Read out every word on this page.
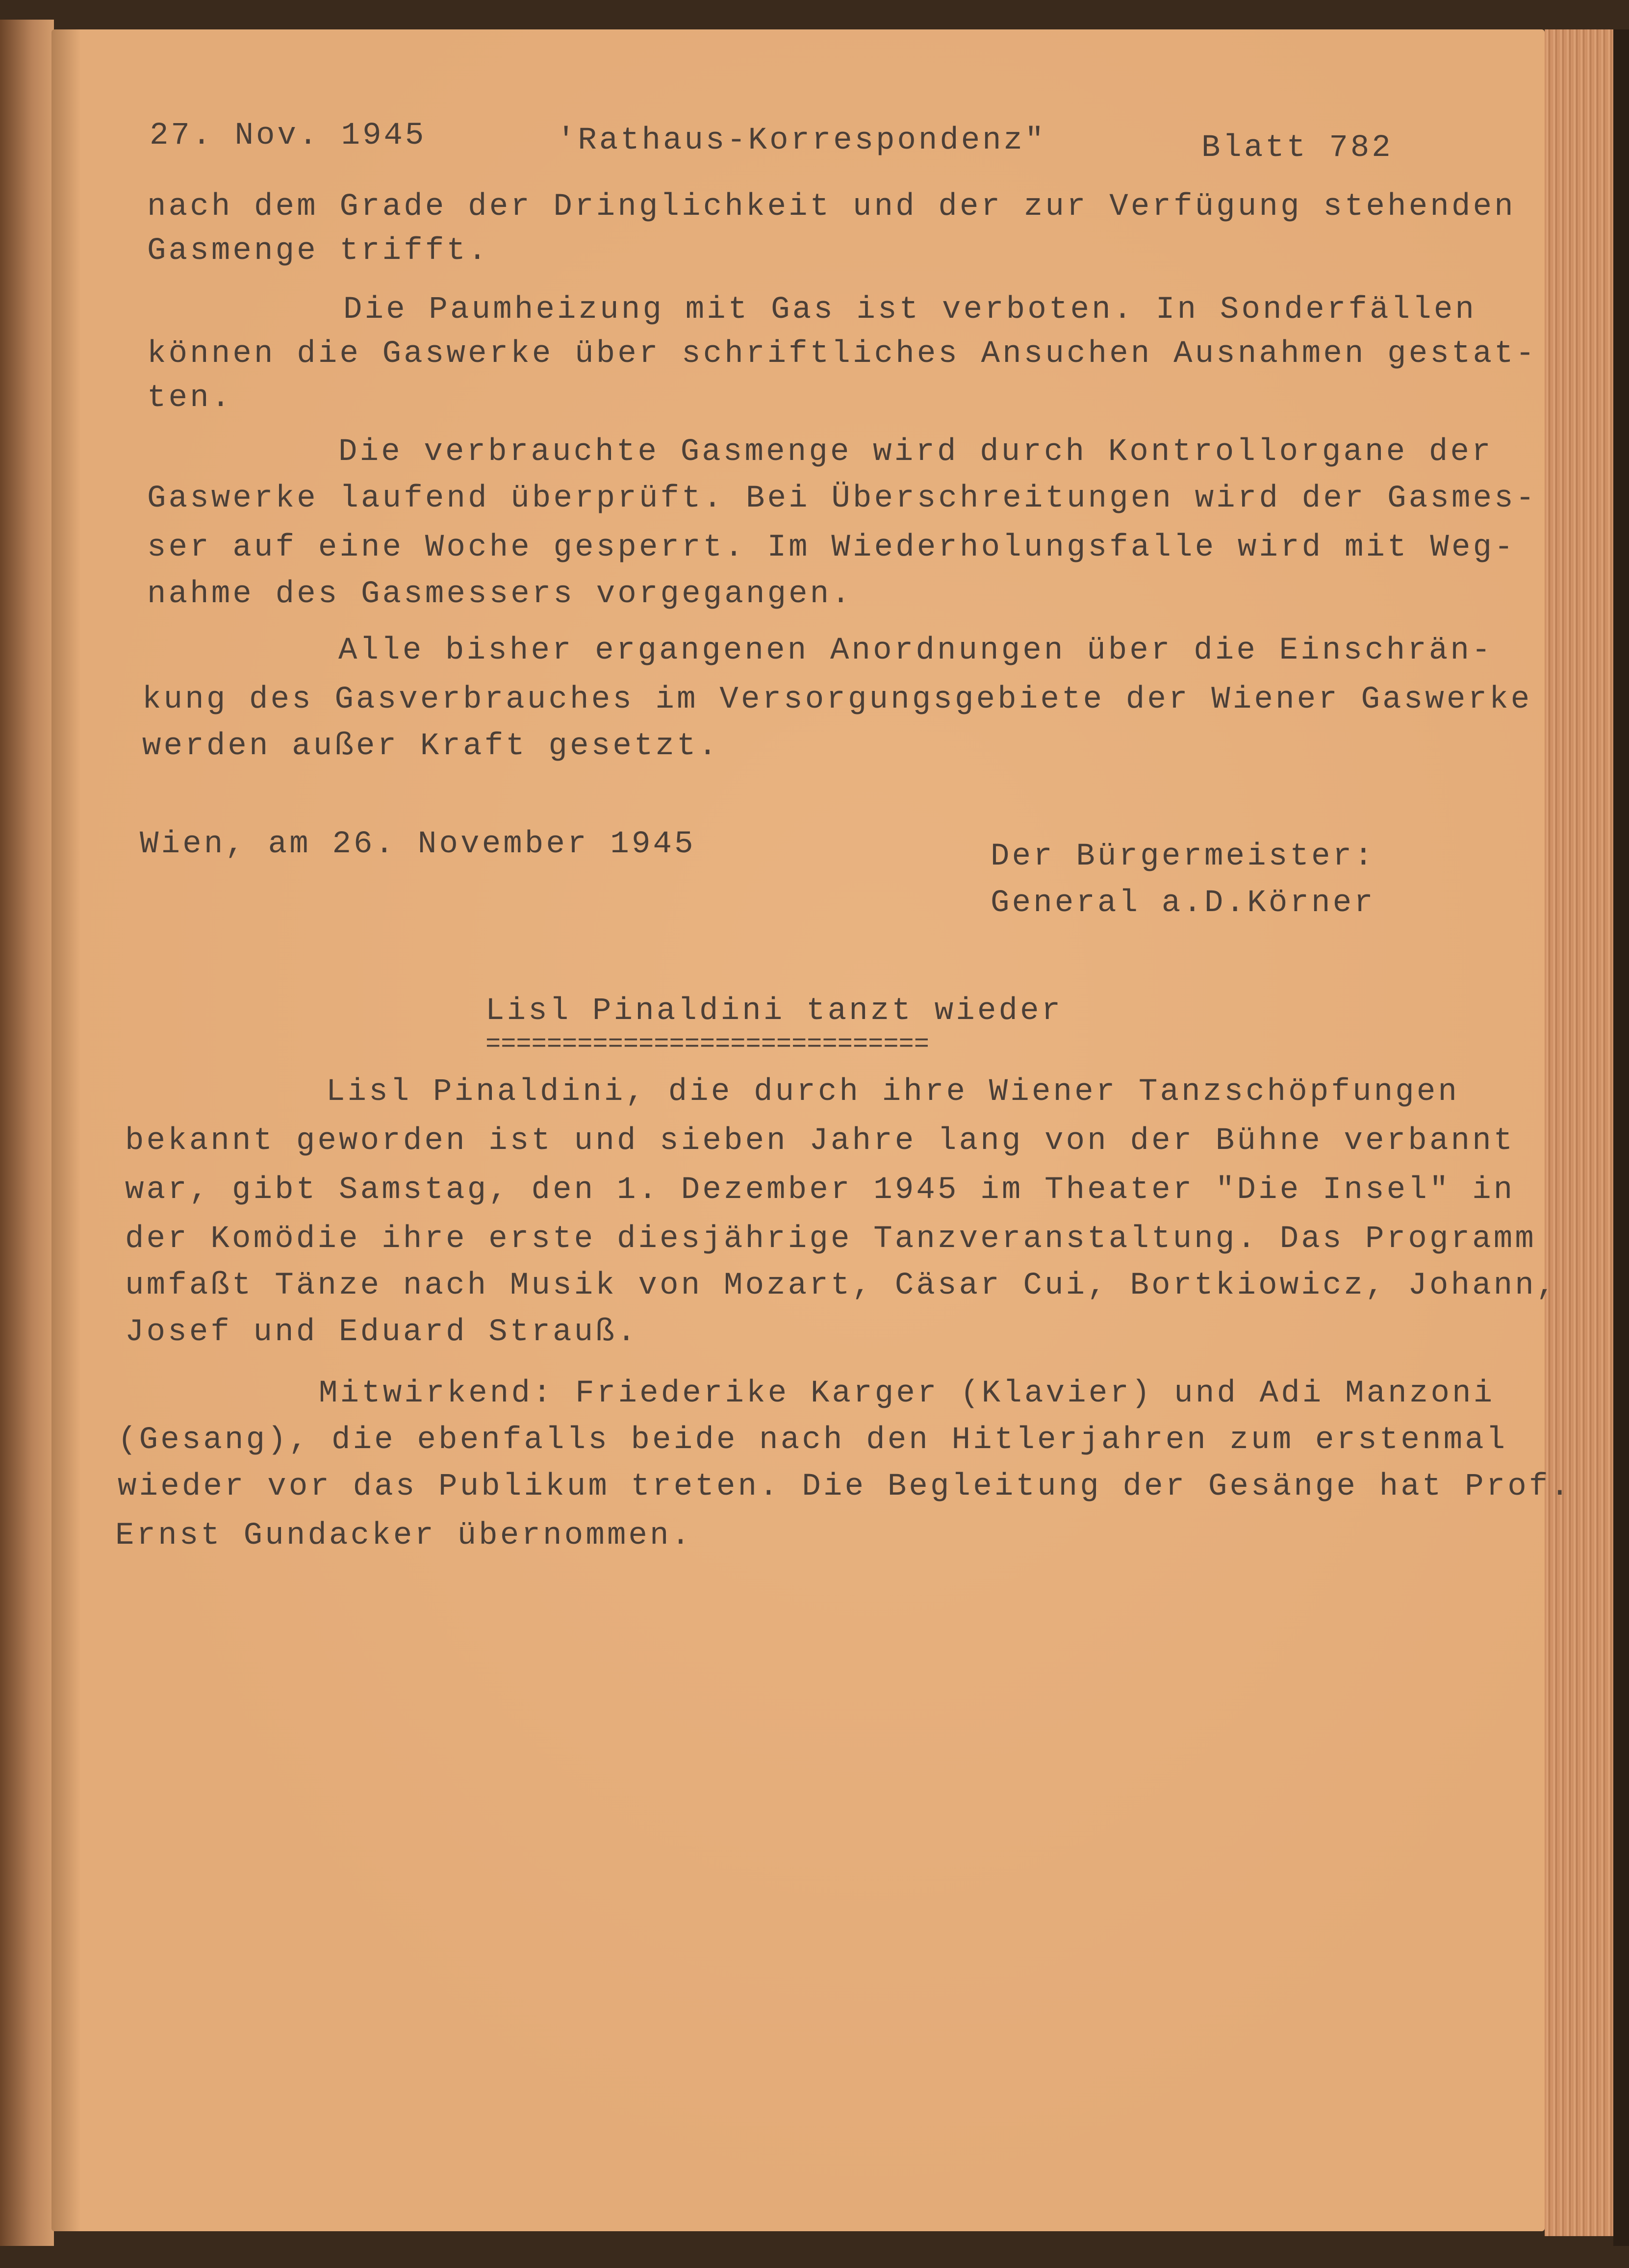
27. Nov. 1945	'Rathaus-Korrespondenz"	Blatt 782
nach dem Grade der Dringlichkeit und der zur Verfügung stehenden
Gasmenge trifft.
Die Paumheizung mit Gas ist verboten. In Sonderfällen
können die Gaswerke über schriftliches Ansuchen Ausnahmen gestat-
ten.
Die verbrauchte Gasmenge wird durch Kontrollorgane der
Gaswerke laufend überprüft. Bei Überschreitungen wird der Gasmes-
ser auf eine Woche gesperrt. Im Wiederholungsfalle wird mit Weg-
nahme des Gasmessers vorgegangen.
Alle bisher ergangenen Anordnungen über die Einschrän-
kung des Gasverbrauches im Versorgungsgebiete der Wiener Gaswerke
werden außer Kraft gesetzt.
Wien, am 26. November 1945	Der Bürgermeister:
General a.D.Körner
Lisl Pinaldini tanzt wieder
=============================
Lisl Pinaldini, die durch ihre Wiener Tanzschöpfungen
bekannt geworden ist und sieben Jahre lang von der Bühne verbannt
war, gibt Samstag, den 1. Dezember 1945 im Theater "Die Insel" in
der Komödie ihre erste diesjährige Tanzveranstaltung. Das Programm
umfaßt Tänze nach Musik von Mozart, Cäsar Cui, Bortkiowicz, Johann,
Josef und Eduard Strauß.
Mitwirkend: Friederike Karger (Klavier) und Adi Manzoni
(Gesang), die ebenfalls beide nach den Hitlerjahren zum erstenmal
wieder vor das Publikum treten. Die Begleitung der Gesänge hat Prof.
Ernst Gundacker übernommen.
